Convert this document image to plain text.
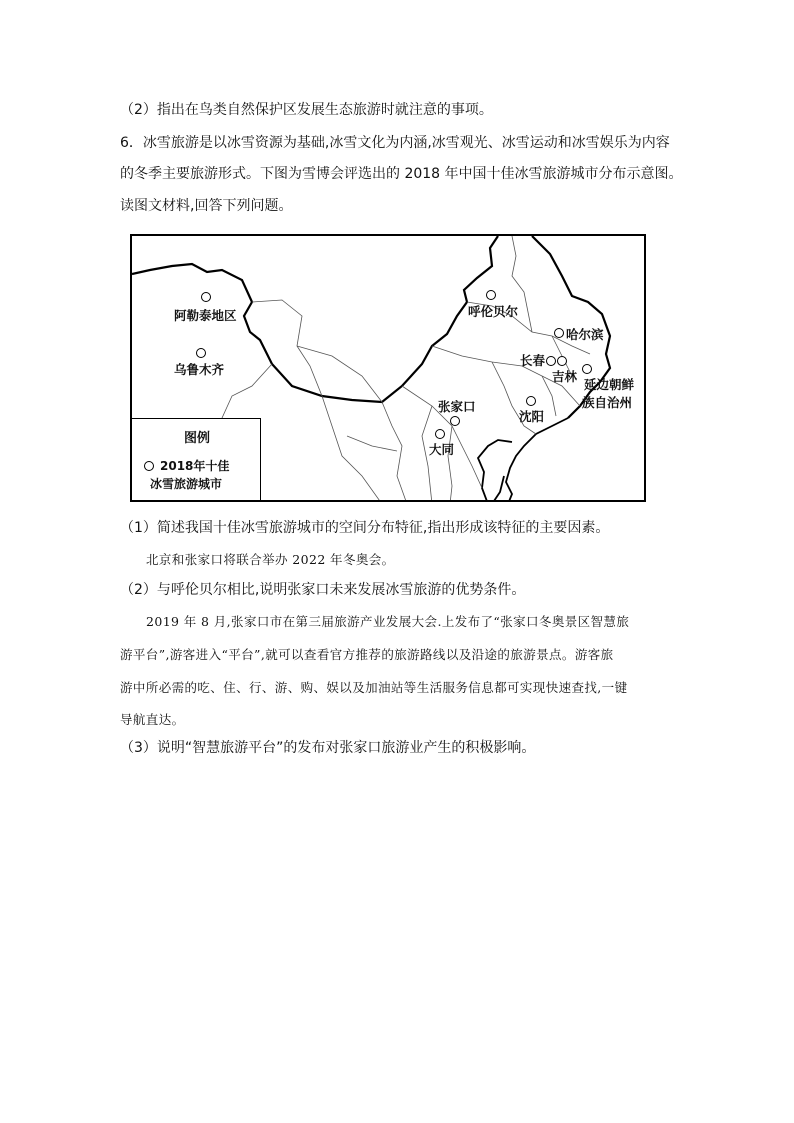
（2）指出在鸟类自然保护区发展生态旅游时就注意的事项。
6．冰雪旅游是以冰雪资源为基础,冰雪文化为内涵,冰雪观光、冰雪运动和冰雪娱乐为内容
的冬季主要旅游形式。下图为雪博会评选出的 2018 年中国十佳冰雪旅游城市分布示意图。
读图文材料,回答下列问题。
阿勒泰地区
乌鲁木齐
呼伦贝尔
哈尔滨
长春
吉林
延边朝鲜
族自治州
张家口
沈阳
大同
图例
2018年十佳
冰雪旅游城市
（1）简述我国十佳冰雪旅游城市的空间分布特征,指出形成该特征的主要因素。
北京和张家口将联合举办 2022 年冬奥会。
（2）与呼伦贝尔相比,说明张家口未来发展冰雪旅游的优势条件。
2019 年 8 月,张家口市在第三届旅游产业发展大会.上发布了“张家口冬奥景区智慧旅
游平台”,游客进入“平台”,就可以查看官方推荐的旅游路线以及沿途的旅游景点。游客旅
游中所必需的吃、住、行、游、购、娱以及加油站等生活服务信息都可实现快速查找,一键
导航直达。
（3）说明“智慧旅游平台”的发布对张家口旅游业产生的积极影响。
